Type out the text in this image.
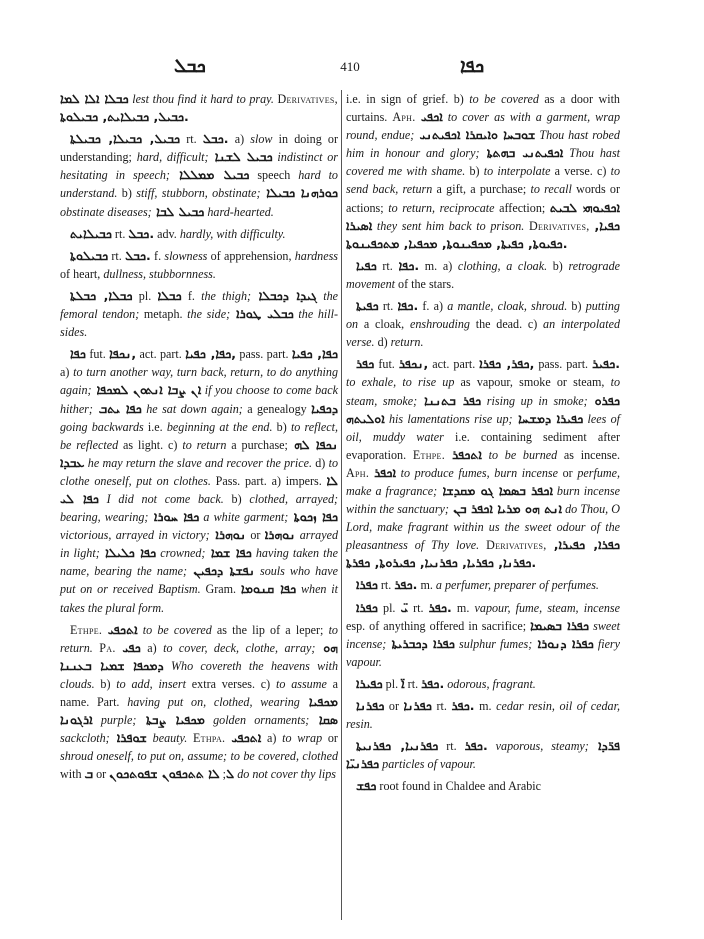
ܟܒܠ	410	ܟܦܐ

ܟܒܠܐ ܐܠܐ ܠܡܐ lest thou find it hard to pray. Derivatives, ܟܒܝܠ, ܟܒܝܠܐܝܬ, ܟܒܝܠܘܬܐ.

ܟܒܝܠ, ܟܒܝܠܐ, ܟܒܝܠܬܐ rt. ܟܒܠ. a) slow in doing or understanding; hard, difficult; ܟܒܝܠ ܠܫܢܐ indistinct or hesitating in speech; ܟܒܝܠ ܡܡܠܠܐ speech hard to understand. b) stiff, stubborn, obstinate; ܟܘܪܗܢܐ ܟܒܝܠܐ obstinate diseases; ܟܒܝܠ ܠܒܐ hard-hearted.

ܟܒܝܠܐܝܬ rt. ܟܒܠ. adv. hardly, with difficulty.

ܟܒܝܠܘܬܐ rt. ܟܒܠ. f. slowness of apprehension, hardness of heart, dullness, stubbornness.

ܟܒܠܐ, ܟܒܠܬܐ pl. ܟܒܠܐ f. the thigh; ܓܝܕܐ ܕܟܒܠܐ the femoral tendon; metaph. the side; ܟܒܠܝ ܛܘܪܐ the hill-sides.

ܟܦܐ fut. ܢܟܦܐ, act. part. ܟܦܐ, ܟܦܝܐ, pass. part. ܟܦܐ, ܟܦܝܐ a) to turn another way, turn back, return, to do anything again; ܐܢ ܨܒܐ ܐܢܬܘܢ ܠܡܟܦܐ if you choose to come back hither; ܟܦܐ ܝܬܒ he sat down again; a genealogy ܕܟܦܝܐ going backwards i.e. beginning at the end. b) to reflect, be reflected as light. c) to return a purchase; ܢܟܦܐ ܠܗ ܥܒܕܐ he may return the slave and recover the price. d) to clothe oneself, put on clothes. Pass. part. a) impers. ܠܐ ܟܦܐ ܠܝ I did not come back. b) clothed, arrayed; bearing, wearing; ܟܦܐ ܚܘܪܐ a white garment; ܟܦܐ ܙܟܘܬܐ victorious, arrayed in victory; ܢܘܗܪܐ or ܢܘܗܪܐ arrayed in light; ܟܦܐ ܟܠܝܠܐ crowned; ܟܦܐ ܫܡܐ having taken the name, bearing the name; ܢܦܫܬܐ ܕܟܦܝܢ souls who have put on or received Baptism. Gram. ܟܦܐ ܩܢܘܡܐ when it takes the plural form.

Ethpe. ܐܬܟܦܝ to be covered as the lip of a leper; to return. Pa. ܟܦܝ a) to cover, deck, clothe, array; ܗܘ ܕܡܟܦܐ ܫܡܝܐ ܒܥܢܢܐ Who covereth the heavens with clouds. b) to add, insert extra verses. c) to assume a name. Part. having put on, clothed, wearing ܡܟܦܝܐ ܐܪܓܘܢܐ purple; ܡܟܦܝܐ ܨܒܬܐ golden ornaments; ܣܩܐ sackcloth; ܫܘܦܪܐ beauty. Ethpa. ܐܬܟܦܝ a) to wrap or shroud oneself, to put on, assume; to be covered, clothed with ܒ or	ܠ; ܠܐ ܬܬܟܦܘܢ ܫܦܘܬܟܘܢ do not cover thy lips

i.e. in sign of grief. b) to be covered as a door with curtains. Aph. ܐܟܦܝ to cover as with a garment, wrap round, endue; ܫܘܒܚܐ ܘܐܝܩܪܐ ܐܟܦܝܬܢܝ Thou hast robed him in honour and glory; ܐܟܦܝܬܢܝ ܒܗܬܬܐ Thou hast covered me with shame. b) to interpolate a verse. c) to send back, return a gift, a purchase; to recall words or actions; to return, reciprocate affection; ܐܟܦܝܘܗܝ ܠܒܝܬ ܐܣܝܪܐ they sent him back to prison. Derivatives, ܟܦܝܐ, ܟܦܝܘܬܐ, ܟܦܝܬܐ, ܡܟܦܝܢܘܬܐ, ܡܟܦܝܐ, ܡܬܟܦܝܢܘܬܐ.

ܟܦܝܐ rt. ܟܦܐ. m. a) clothing, a cloak. b) retrograde movement of the stars.

ܟܦܝܬܐ rt. ܟܦܐ. f. a) a mantle, cloak, shroud. b) putting on a cloak, enshrouding the dead. c) an interpolated verse. d) return.

ܟܦܪ fut. ܢܟܦܪ, act. part. ܟܦܪ, ܟܦܪܐ, pass. part. ܟܦܝܪ. to exhale, to rise up as vapour, smoke or steam, to steam, smoke; ܟܦܪ ܒܬܢܢܐ rising up in smoke; ܟܦܪܘ ܐܘܠܝܬܗ his lamentations rise up; ܟܦܝܪܐ ܕܡܫܚܐ lees of oil, muddy water i.e. containing sediment after evaporation. Ethpe. ܐܬܟܦܪ to be burned as incense. Aph. ܐܟܦܪ to produce fumes, burn incense or perfume, make a fragrance; ܐܟܦܪ ܒܣܡܐ ܓܘ ܡܩܕܫܐ burn incense within the sanctuary; ܐܢܬ ܗܘ ܡܪܝܐ ܐܟܦܪ ܒܢ do Thou, O Lord, make fragrant within us the sweet odour of the pleasantness of Thy love. Derivatives, ܟܦܪܐ, ܟܦܝܪܐ, ܟܦܪܢܐ, ܟܦܪܝܐ, ܟܦܪܢܝܐ, ܟܦܝܪܘܬܐ, ܟܦܪܬܐ.

ܟܦܪܐ rt. ܟܦܪ. m. a perfumer, preparer of perfumes.

ܟܦܪܐ pl. ܝ̈ rt. ܟܦܪ. m. vapour, fume, steam, incense esp. of anything offered in sacrifice; ܟܦܪܐ ܒܣܝܡܐ sweet incense; ܟܦܪܐ ܕܟܒܪܝܬܐ sulphur fumes; ܟܦܪܐ ܕܢܘܪܐ fiery vapour.

ܟܦܝܪܐ pl. ܐ̈ rt. ܟܦܪ. odorous, fragrant.

ܟܦܪܢܐ or ܟܦܪܢܐ rt. ܟܦܪ. m. cedar resin, oil of cedar, resin.

ܟܦܪܢܝܐ, ܟܦܪܢܝܬܐ rt. ܟܦܪ. vaporous, steamy; ܦܪ̈ܕܐ ܟܦܪܢܝ̈ܐ particles of vapour.

ܟܦܫ root found in Chaldee and Arabic
